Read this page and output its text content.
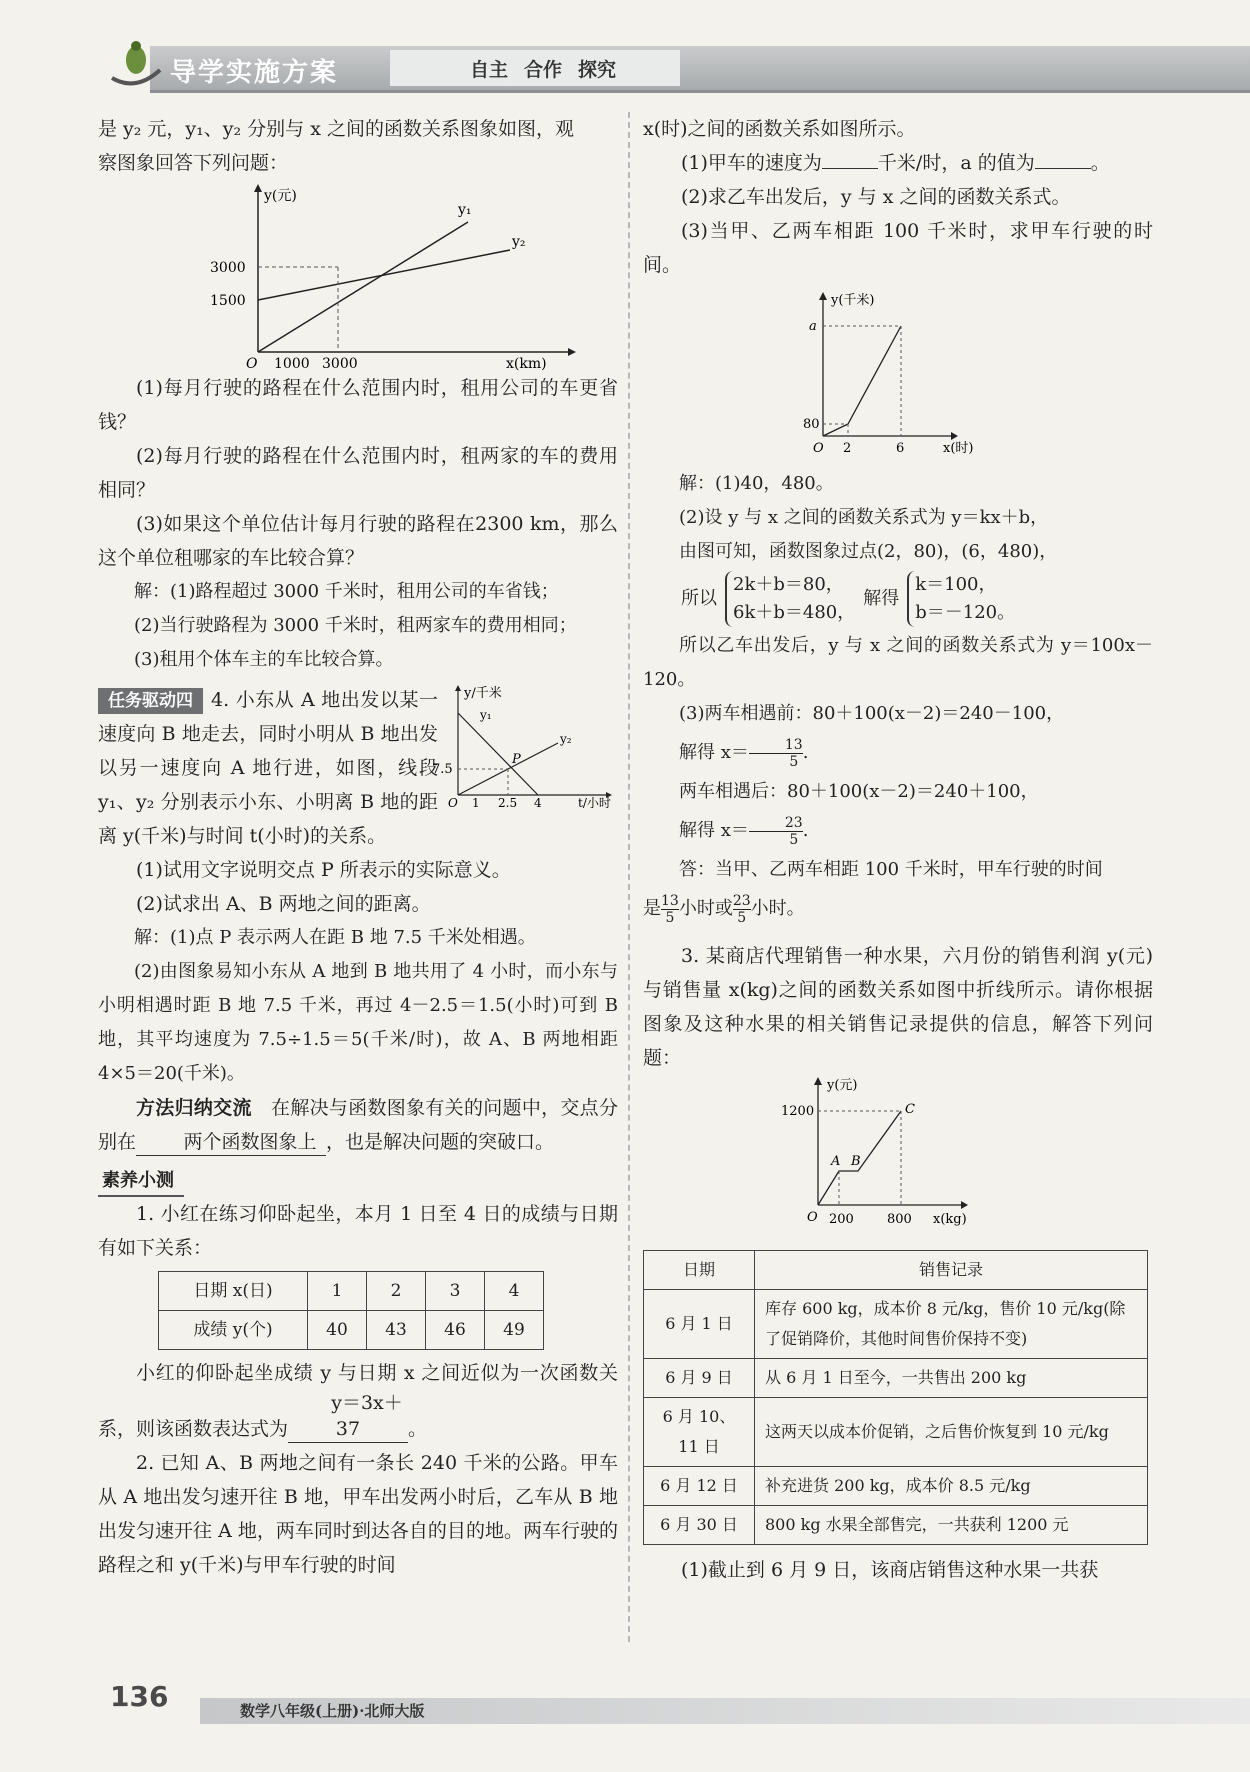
导学实施方案	自主 合作 探究

是 y₂ 元，y₁、y₂ 分别与 x 之间的函数关系图象如图，观

察图象回答下列问题：

y(元)
x(km)
3000
1500
1000 3000
O
y₁
y₂

(1)每月行驶的路程在什么范围内时，租用公司的车更省钱？

(2)每月行驶的路程在什么范围内时，租两家的车的费用相同？

(3)如果这个单位估计每月行驶的路程在2300 km，那么这个单位租哪家的车比较合算？

解：(1)路程超过 3000 千米时，租用公司的车省钱；

(2)当行驶路程为 3000 千米时，租两家车的费用相同；

(3)租用个体车主的车比较合算。

任务驱动四 4. 小东从 A 地出发以某一速度向 B 地走去，同时小明从 B 地出发以另一速度向 A 地行进，如图，线段 y₁、y₂ 分别表示小东、小明离 B 地的距离 y(千米)与时间 t(小时)的关系。

y/千米
t/小时
7.5
1 2.5 4
O
P
y₁
y₂

(1)试用文字说明交点 P 所表示的实际意义。

(2)试求出 A、B 两地之间的距离。

解：(1)点 P 表示两人在距 B 地 7.5 千米处相遇。

(2)由图象易知小东从 A 地到 B 地共用了 4 小时，而小东与小明相遇时距 B 地 7.5 千米，再过 4－2.5＝1.5(小时)可到 B 地，其平均速度为 7.5÷1.5＝5(千米/时)，故 A、B 两地相距 4×5＝20(千米)。

方法归纳交流　 在解决与函数图象有关的问题中，交点分别在 两个函数图象上 ，也是解决问题的突破口。

素养小测

1. 小红在练习仰卧起坐，本月 1 日至 4 日的成绩与日期有如下关系：

日期 x(日)	1	2	3	4
成绩 y(个)	40	43	46	49

小红的仰卧起坐成绩 y 与日期 x 之间近似为一次函数关系，则该函数表达式为y＝3x＋37	。

2. 已知 A、B 两地之间有一条长 240 千米的公路。甲车从 A 地出发匀速开往 B 地，甲车出发两小时后，乙车从 B 地出发匀速开往 A 地，两车同时到达各自的目的地。两车行驶的路程之和 y(千米)与甲车行驶的时间

x(时)之间的函数关系如图所示。

(1)甲车的速度为	千米/时，a 的值为	。

(2)求乙车出发后，y 与 x 之间的函数关系式。

(3)当甲、乙两车相距 100 千米时，求甲车行驶的时间。

y(千米)
x(时)
a
80
2	6
O

解：(1)40，480。

(2)设 y 与 x 之间的函数关系式为 y＝kx＋b，

由图可知，函数图象过点(2，80)，(6，480)，

所以
2k＋b＝80，
6k＋b＝480，
解得
k＝100，
b＝－120。

所以乙车出发后，y 与 x 之间的函数关系式为 y＝100x－120。

(3)两车相遇前：80＋100(x－2)＝240－100，

解得 $x= \frac{13}{5}$ .

两车相遇后：80＋100(x－2)＝240＋100，

解得 $x= \frac{23}{5}$ .

答：当甲、乙两车相距 100 千米时，甲车行驶的时间

是 $\frac{13}{5}$ 小时或 $\frac{23}{5}$ 小时。

3. 某商店代理销售一种水果，六月份的销售利润 y(元)与销售量 x(kg)之间的函数关系如图中折线所示。请你根据图象及这种水果的相关销售记录提供的信息，解答下列问题：

y(元)
x(kg)
1200
200	800
O
A B
C
日期	销售记录
6 月 1 日	库存 600 kg，成本价 8 元/kg，售价 10 元/kg(除了促销降价，其他时间售价保持不变)
6 月 9 日	从 6 月 1 日至今，一共售出 200 kg
6 月 10、11 日	这两天以成本价促销，之后售价恢复到 10 元/kg
6 月 12 日	补充进货 200 kg，成本价 8.5 元/kg
6 月 30 日	800 kg 水果全部售完，一共获利 1200 元

(1)截止到 6 月 9 日，该商店销售这种水果一共获

136	数学八年级(上册)·北师大版
